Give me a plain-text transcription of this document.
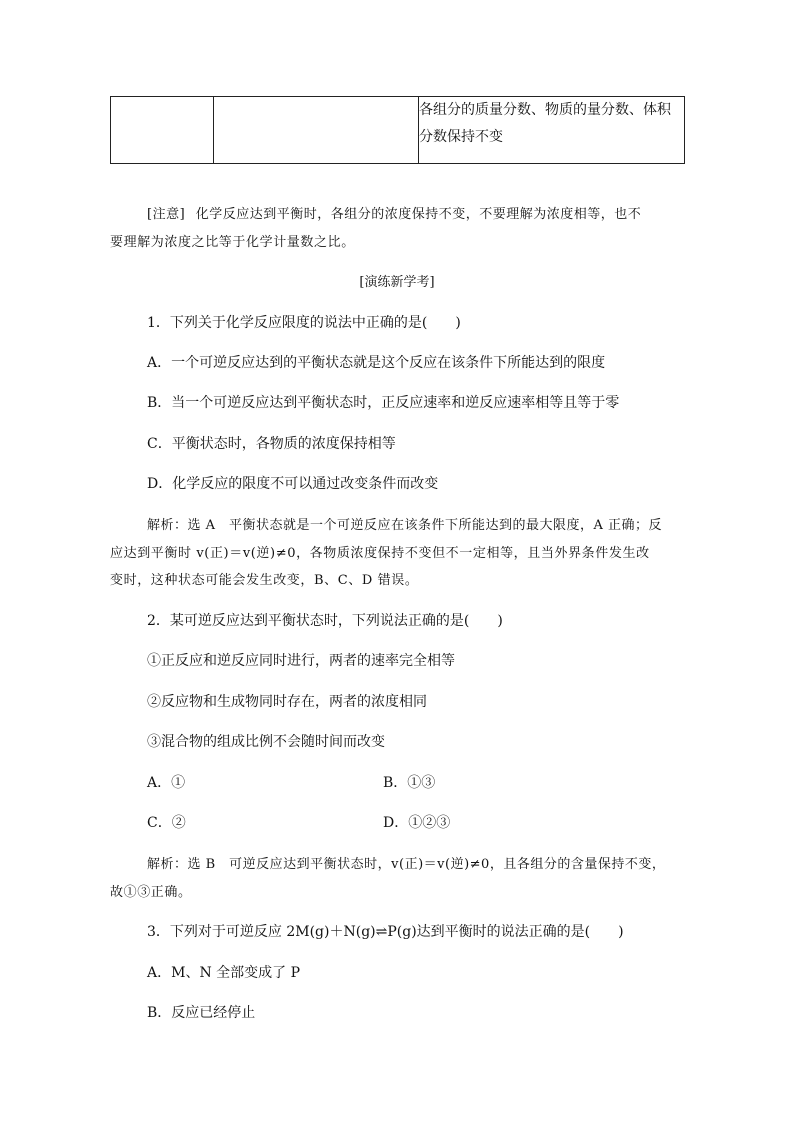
		各组分的质量分数、物质的量分数、体积分数保持不变
[注意] 化学反应达到平衡时，各组分的浓度保持不变，不要理解为浓度相等，也不
要理解为浓度之比等于化学计量数之比。
[演练新学考]
1．下列关于化学反应限度的说法中正确的是(　　)
A．一个可逆反应达到的平衡状态就是这个反应在该条件下所能达到的限度
B．当一个可逆反应达到平衡状态时，正反应速率和逆反应速率相等且等于零
C．平衡状态时，各物质的浓度保持相等
D．化学反应的限度不可以通过改变条件而改变
解析：选 A　平衡状态就是一个可逆反应在该条件下所能达到的最大限度，A 正确；反
应达到平衡时 v(正)＝v(逆)≠0，各物质浓度保持不变但不一定相等，且当外界条件发生改
变时，这种状态可能会发生改变，B、C、D 错误。
2．某可逆反应达到平衡状态时，下列说法正确的是(　　)
①正反应和逆反应同时进行，两者的速率完全相等
②反应物和生成物同时存在，两者的浓度相同
③混合物的组成比例不会随时间而改变
A．①	B．①③
C．②	D．①②③
解析：选 B　可逆反应达到平衡状态时，v(正)＝v(逆)≠0，且各组分的含量保持不变，
故①③正确。
3．下列对于可逆反应 2M(g)＋N(g)⇌P(g)达到平衡时的说法正确的是(　　)
A．M、N 全部变成了 P
B．反应已经停止
